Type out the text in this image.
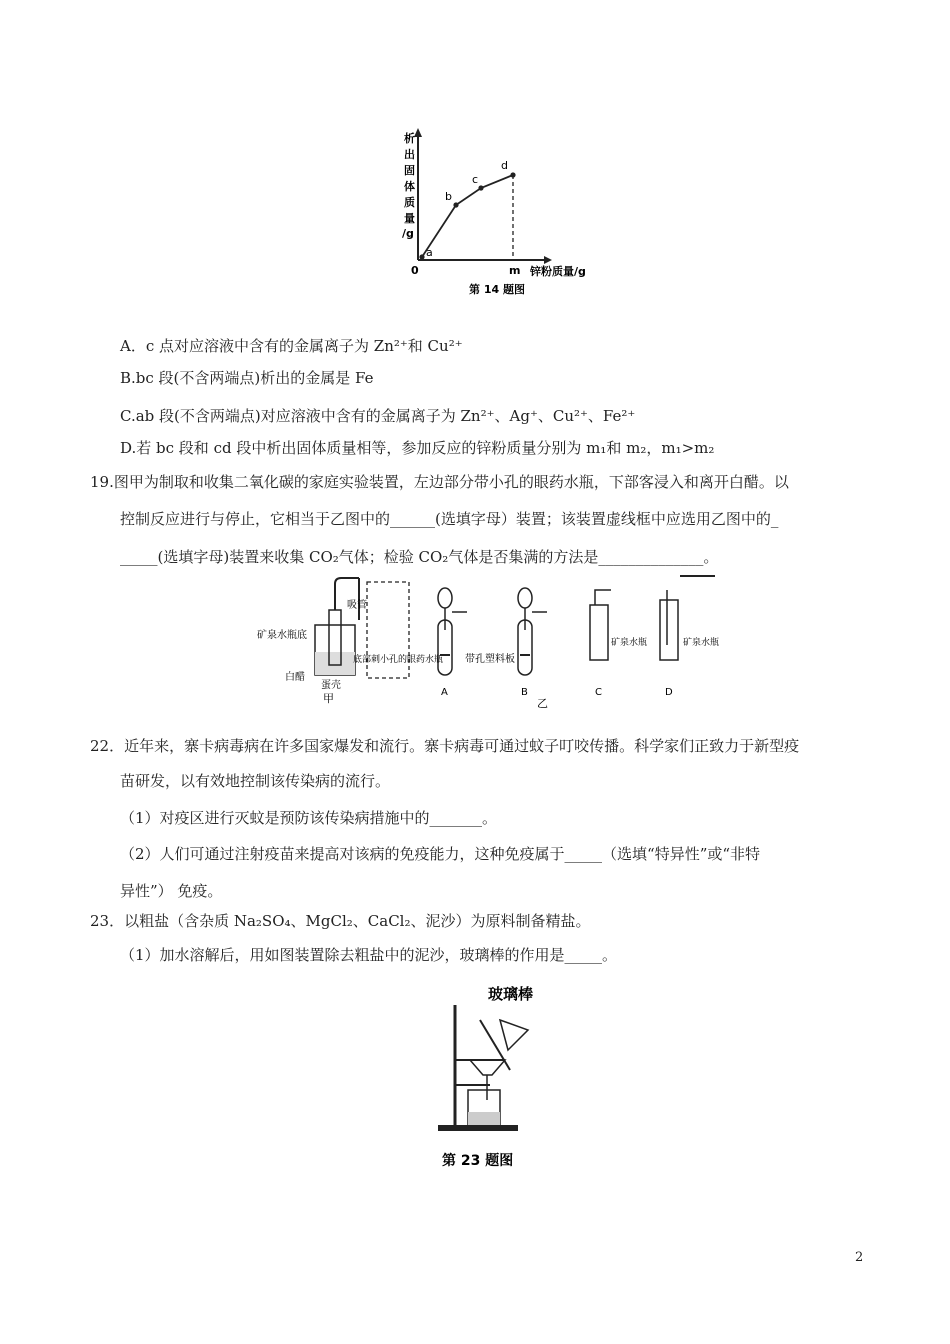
a
b
c
d
0	m 锌粉质量/g
析
出
固
体
质
量
/g
第 14 题图
A．c 点对应溶液中含有的金属离子为 Zn²⁺和 Cu²⁺
B.bc 段(不含两端点)析出的金属是 Fe
C.ab 段(不含两端点)对应溶液中含有的金属离子为 Zn²⁺、Ag⁺、Cu²⁺、Fe²⁺
D.若 bc 段和 cd 段中析出固体质量相等，参加反应的锌粉质量分别为 m₁和 m₂，m₁>m₂
19.图甲为制取和收集二氧化碳的家庭实验装置，左边部分带小孔的眼药水瓶，下部客浸入和离开白醋。以
控制反应进行与停止，它相当于乙图中的______(选填字母）装置；该装置虚线框中应选用乙图中的_
_____(选填字母)装置来收集 CO₂气体；检验 CO₂气体是否集满的方法是______________。
吸管
矿泉水瓶底
白醋
蛋壳
底部刺小孔的眼药水瓶
甲	A
带孔塑料板
B
矿泉水瓶
C
矿泉水瓶
D
乙
22．近年来，寨卡病毒病在许多国家爆发和流行。寨卡病毒可通过蚊子叮咬传播。科学家们正致力于新型疫
苗研发，以有效地控制该传染病的流行。
（1）对疫区进行灭蚊是预防该传染病措施中的_______。
（2）人们可通过注射疫苗来提高对该病的免疫能力，这种免疫属于_____（选填“特异性”或“非特
异性”） 免疫。
23．以粗盐（含杂质 Na₂SO₄、MgCl₂、CaCl₂、泥沙）为原料制备精盐。
（1）加水溶解后，用如图装置除去粗盐中的泥沙，玻璃棒的作用是_____。
玻璃棒
第 23 题图
2
